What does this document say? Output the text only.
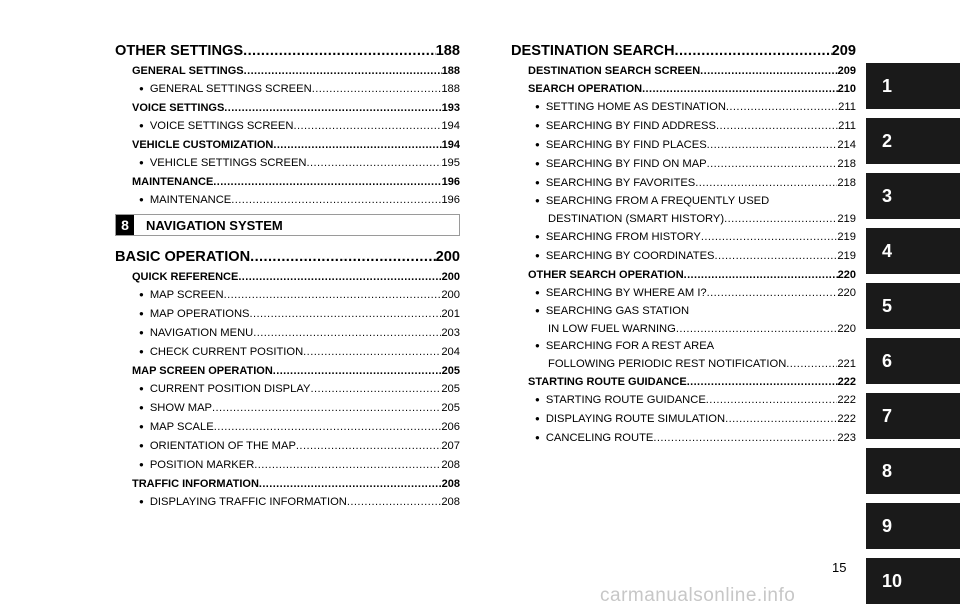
OTHER SETTINGS .....	188
GENERAL SETTINGS .....	188
● GENERAL SETTINGS SCREEN .....	188
VOICE SETTINGS .....	193
● VOICE SETTINGS SCREEN .....	194
VEHICLE CUSTOMIZATION .....	194
● VEHICLE SETTINGS SCREEN .....	195
MAINTENANCE .....	196
● MAINTENANCE .....	196
8	NAVIGATION SYSTEM
BASIC OPERATION .....	200
QUICK REFERENCE .....	200
● MAP SCREEN .....	200
● MAP OPERATIONS .....	201
● NAVIGATION MENU .....	203
● CHECK CURRENT POSITION .....	204
MAP SCREEN OPERATION .....	205
● CURRENT POSITION DISPLAY .....	205
● SHOW MAP .....	205
● MAP SCALE .....	206
● ORIENTATION OF THE MAP .....	207
● POSITION MARKER .....	208
TRAFFIC INFORMATION .....	208
● DISPLAYING TRAFFIC INFORMATION .....	208
DESTINATION SEARCH .....	209
DESTINATION SEARCH SCREEN .....	209
SEARCH OPERATION .....	210
● SETTING HOME AS DESTINATION .....	211
● SEARCHING BY FIND ADDRESS .....	211
● SEARCHING BY FIND PLACES .....	214
● SEARCHING BY FIND ON MAP .....	218
● SEARCHING BY FAVORITES .....	218
● SEARCHING FROM A FREQUENTLY USED
DESTINATION (SMART HISTORY) .....	219
● SEARCHING FROM HISTORY .....	219
● SEARCHING BY COORDINATES .....	219
OTHER SEARCH OPERATION .....	220
● SEARCHING BY WHERE AM I? .....	220
● SEARCHING GAS STATION
IN LOW FUEL WARNING .....	220
● SEARCHING FOR A REST AREA
FOLLOWING PERIODIC REST NOTIFICATION .....	221
STARTING ROUTE GUIDANCE .....	222
● STARTING ROUTE GUIDANCE .....	222
● DISPLAYING ROUTE SIMULATION .....	222
● CANCELING ROUTE .....	223
1
2
3
4
5
6
7
8
9
10
15
carmanualsonline.info
